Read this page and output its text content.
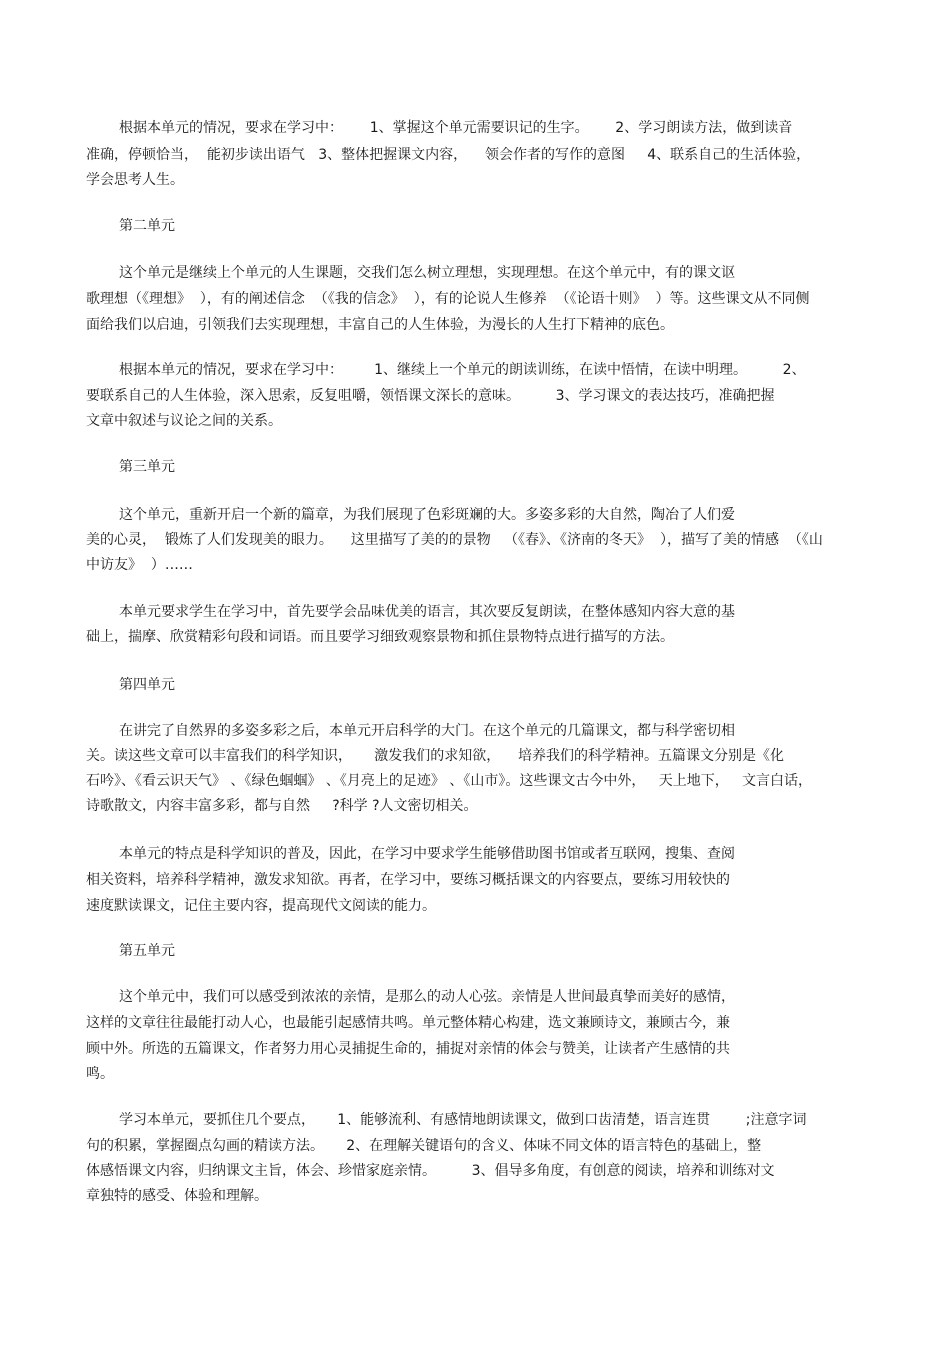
根据本单元的情况，要求在学习中：      1、掌握这个单元需要识记的生字。      2、学习朗读方法，做到读音
准确，停顿恰当，  能初步读出语气   3、整体把握课文内容，    领会作者的写作的意图     4、联系自己的生活体验，
学会思考人生。
第二单元
这个单元是继续上个单元的人生课题，交我们怎么树立理想，实现理想。在这个单元中，有的课文讴
歌理想（《理想》  ），有的阐述信念  （《我的信念》  ），有的论说人生修养  （《论语十则》  ）等。这些课文从不同侧
面给我们以启迪，引领我们去实现理想，丰富自己的人生体验，为漫长的人生打下精神的底色。
根据本单元的情况，要求在学习中：       1、继续上一个单元的朗读训练，在读中悟情，在读中明理。        2、
要联系自己的人生体验，深入思索，反复咀嚼，领悟课文深长的意味。        3、学习课文的表达技巧，准确把握
文章中叙述与议论之间的关系。
第三单元
这个单元，重新开启一个新的篇章，为我们展现了色彩斑斓的大。多姿多彩的大自然，陶冶了人们爱
美的心灵，  锻炼了人们发现美的眼力。    这里描写了美的的景物   （《春》、《济南的冬天》  ），描写了美的情感  （《山
中访友》  ）……
本单元要求学生在学习中，首先要学会品味优美的语言，其次要反复朗读，在整体感知内容大意的基
础上，揣摩、欣赏精彩句段和词语。而且要学习细致观察景物和抓住景物特点进行描写的方法。
第四单元
在讲完了自然界的多姿多彩之后，本单元开启科学的大门。在这个单元的几篇课文，都与科学密切相
关。读这些文章可以丰富我们的科学知识，     激发我们的求知欲，    培养我们的科学精神。五篇课文分别是《化
石吟》、《看云识天气》 、《绿色蝈蝈》 、《月亮上的足迹》 、《山市》。这些课文古今中外，   天上地下，   文言白话，
诗歌散文，内容丰富多彩，都与自然     ?科学 ?人文密切相关。
本单元的特点是科学知识的普及，因此，在学习中要求学生能够借助图书馆或者互联网，搜集、查阅
相关资料，培养科学精神，激发求知欲。再者，在学习中，要练习概括课文的内容要点，要练习用较快的
速度默读课文，记住主要内容，提高现代文阅读的能力。
第五单元
这个单元中，我们可以感受到浓浓的亲情，是那么的动人心弦。亲情是人世间最真挚而美好的感情，
这样的文章往往最能打动人心，也最能引起感情共鸣。单元整体精心构建，选文兼顾诗文，兼顾古今，兼
顾中外。所选的五篇课文，作者努力用心灵捕捉生命的，捕捉对亲情的体会与赞美，让读者产生感情的共
鸣。
学习本单元，要抓住几个要点，     1、能够流利、有感情地朗读课文，做到口齿清楚，语言连贯        ;注意字词
句的积累，掌握圈点勾画的精读方法。     2、在理解关键语句的含义、体味不同文体的语言特色的基础上，整
体感悟课文内容，归纳课文主旨，体会、珍惜家庭亲情。        3、倡导多角度，有创意的阅读，培养和训练对文
章独特的感受、体验和理解。
